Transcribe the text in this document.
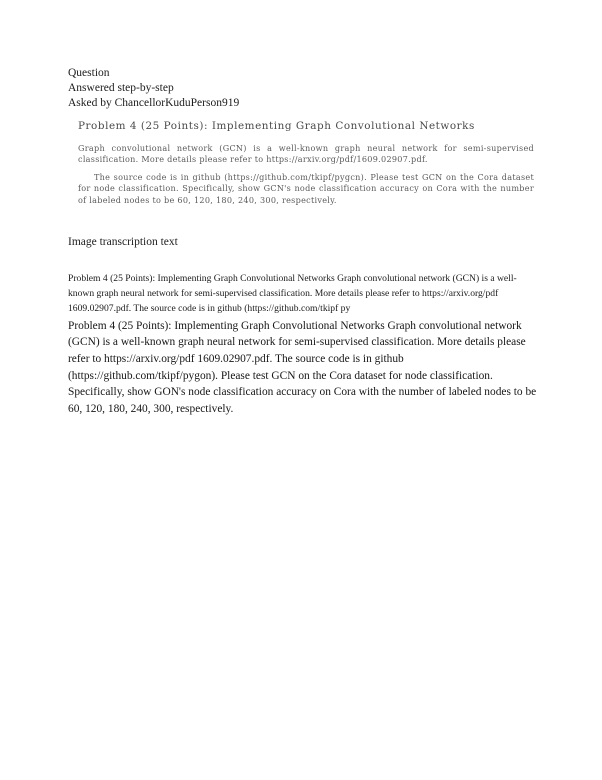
Question
Answered step-by-step
Asked by ChancellorKuduPerson919
Problem 4 (25 Points): Implementing Graph Convolutional Networks
Graph convolutional network (GCN) is a well-known graph neural network for semi-supervised classification. More details please refer to https://arxiv.org/pdf/1609.02907.pdf.
The source code is in github (https://github.com/tkipf/pygcn). Please test GCN on the Cora dataset for node classification. Specifically, show GCN's node classification accuracy on Cora with the number of labeled nodes to be 60, 120, 180, 240, 300, respectively.
Image transcription text
Problem 4 (25 Points): Implementing Graph Convolutional Networks Graph convolutional network (GCN) is a well-known graph neural network for semi-supervised classification. More details please refer to https://arxiv.org/pdf 1609.02907.pdf. The source code is in github (https://github.com/tkipf py
Problem 4 (25 Points): Implementing Graph Convolutional Networks Graph convolutional network (GCN) is a well-known graph neural network for semi-supervised classification. More details please refer to https://arxiv.org/pdf 1609.02907.pdf. The source code is in github (https://github.com/tkipf/pygon). Please test GCN on the Cora dataset for node classification. Specifically, show GON's node classification accuracy on Cora with the number of labeled nodes to be 60, 120, 180, 240, 300, respectively.
